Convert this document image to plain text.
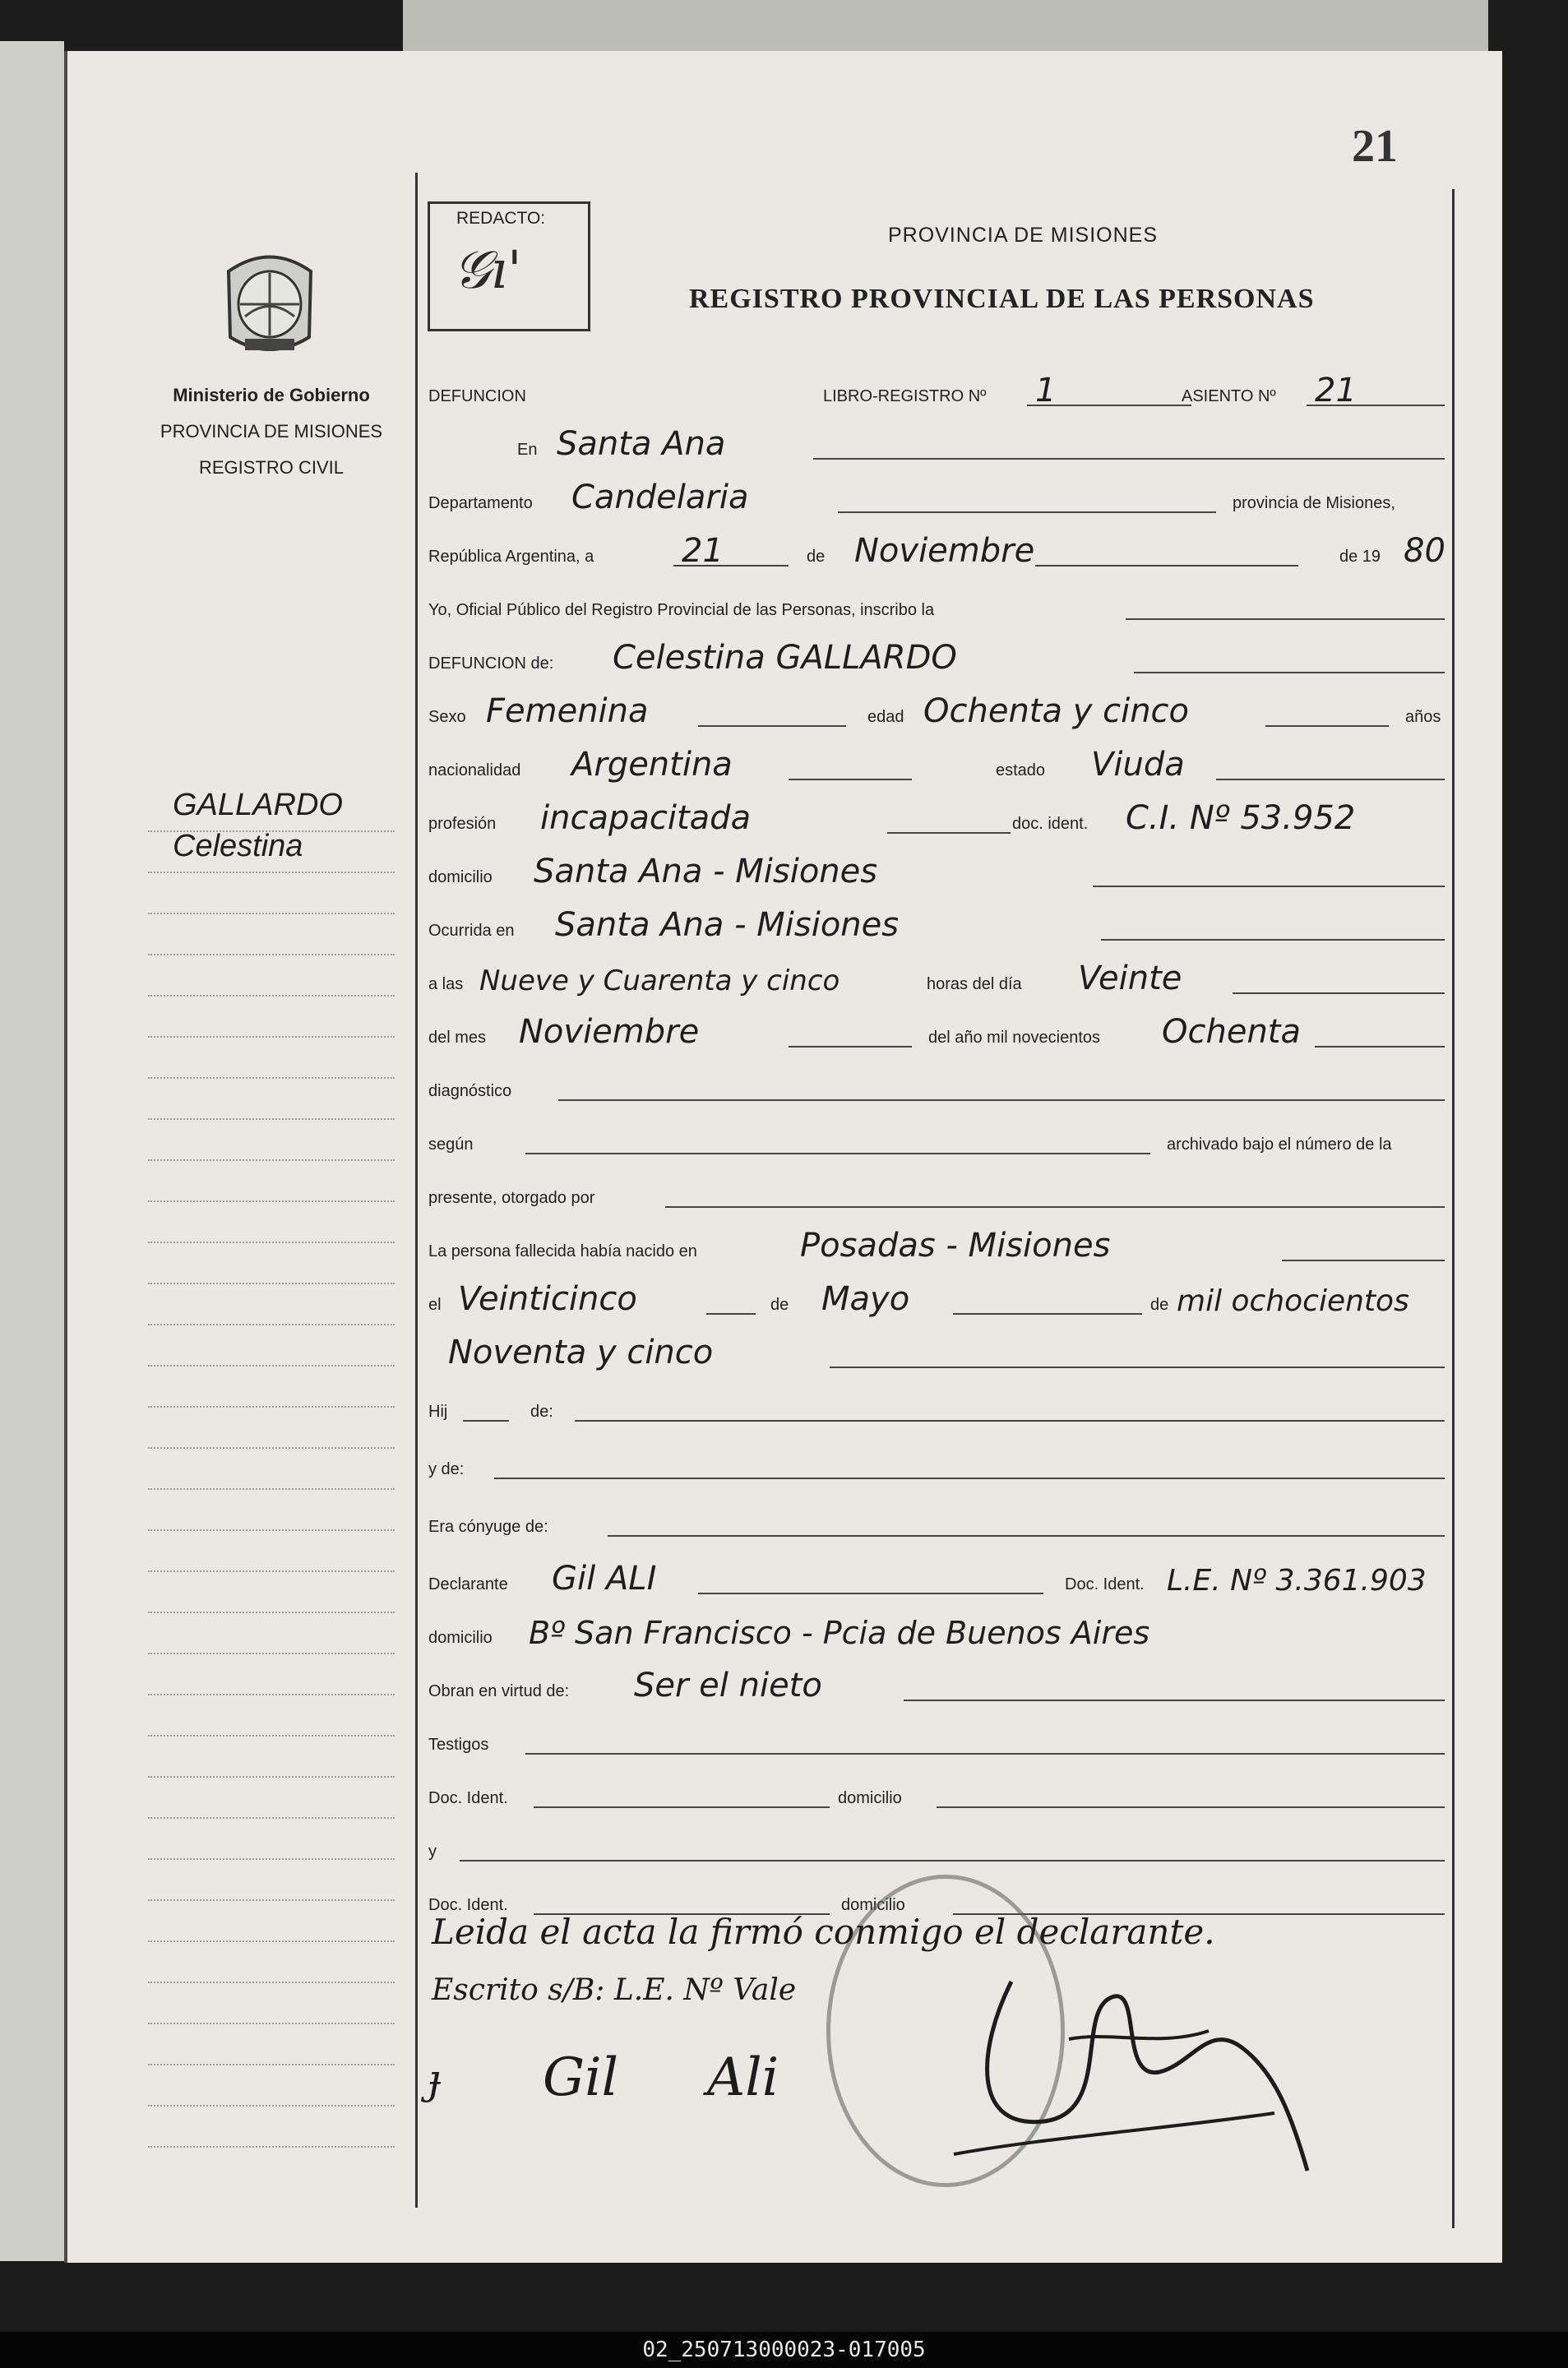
21
REDACTO:
𝒢ı'
Ministerio de Gobierno
PROVINCIA DE MISIONES
REGISTRO CIVIL
PROVINCIA DE MISIONES
REGISTRO PROVINCIAL DE LAS PERSONAS
GALLARDO
Celestina
DEFUNCION	LIBRO-REGISTRO Nº 1	ASIENTO Nº 21
En Santa Ana
Departamento Candelaria	provincia de Misiones,
República Argentina, a	21	de Noviembre	de 19 80
Yo, Oficial Público del Registro Provincial de las Personas, inscribo la
DEFUNCION de: Celestina GALLARDO
Sexo Femenina	edad Ochenta y cinco	años
nacionalidad Argentina	estado Viuda
profesión incapacitada	doc. ident. C.I. Nº 53.952
domicilio Santa Ana - Misiones
Ocurrida en Santa Ana - Misiones
a las Nueve y Cuarenta y cinco	horas del día Veinte
del mes Noviembre	del año mil novecientos Ochenta
diagnóstico
según	archivado bajo el número de la
presente, otorgado por
La persona fallecida había nacido en	Posadas - Misiones
el Veinticinco	de Mayo	de mil ochocientos
Noventa y cinco
Hij	de:
y de:
Era cónyuge de:
Declarante Gil ALI	Doc. Ident. L.E. Nº 3.361.903
domicilio Bº San Francisco - Pcia de Buenos Aires
Obran en virtud de: Ser el nieto
Testigos
Doc. Ident.	domicilio
y
Doc. Ident.	domicilio
Leida el acta la firmó conmigo el declarante.
Escrito s/B: L.E. Nº Vale
ɟ Gil Ali
02_250713000023-017005
